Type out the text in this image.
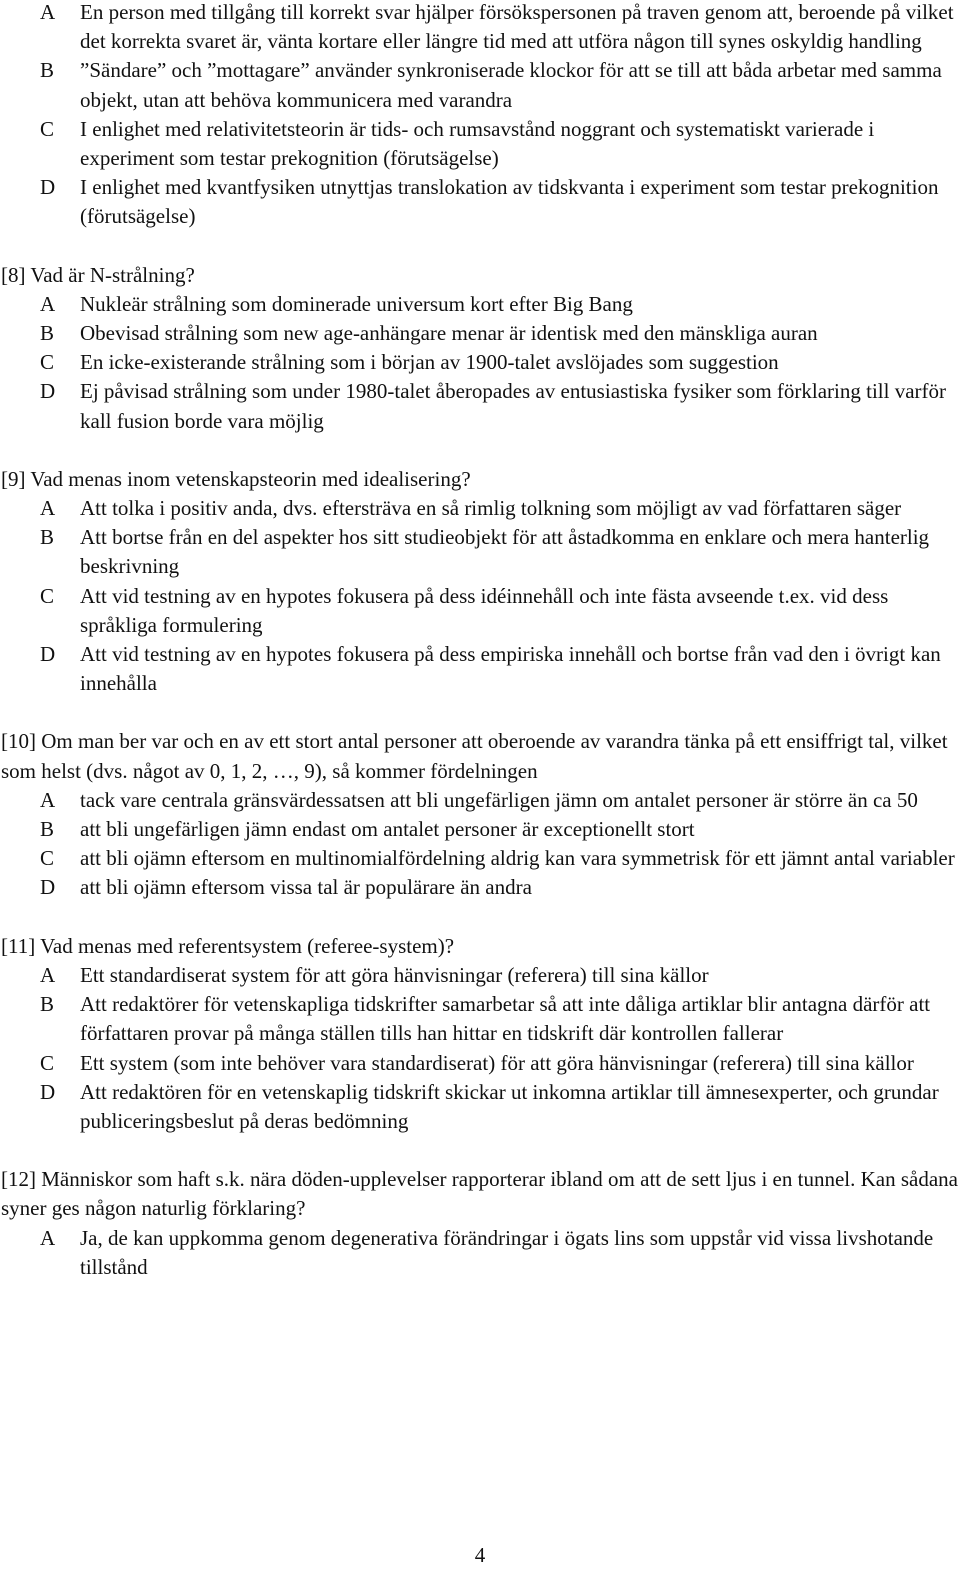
A	En person med tillgång till korrekt svar hjälper försökspersonen på traven genom att, beroende på vilket det korrekta svaret är, vänta kortare eller längre tid med att utföra någon till synes oskyldig handling
B	”Sändare” och ”mottagare” använder synkroniserade klockor för att se till att båda arbetar med samma objekt, utan att behöva kommunicera med varandra
C	I enlighet med relativitetsteorin är tids- och rumsavstånd noggrant och systematiskt varierade i experiment som testar prekognition (förutsägelse)
D	I enlighet med kvantfysiken utnyttjas translokation av tidskvanta i experiment som testar prekognition (förutsägelse)

[8] Vad är N-strålning?

A	Nukleär strålning som dominerade universum kort efter Big Bang
B	Obevisad strålning som new age-anhängare menar är identisk med den mänskliga auran
C	En icke-existerande strålning som i början av 1900-talet avslöjades som suggestion
D	Ej påvisad strålning som under 1980-talet åberopades av entusiastiska fysiker som förklaring till varför kall fusion borde vara möjlig

[9] Vad menas inom vetenskapsteorin med idealisering?

A	Att tolka i positiv anda, dvs. eftersträva en så rimlig tolkning som möjligt av vad författaren säger
B	Att bortse från en del aspekter hos sitt studieobjekt för att åstadkomma en enklare och mera hanterlig beskrivning
C	Att vid testning av en hypotes fokusera på dess idéinnehåll och inte fästa avseende t.ex. vid dess språkliga formulering
D	Att vid testning av en hypotes fokusera på dess empiriska innehåll och bortse från vad den i övrigt kan innehålla

[10] Om man ber var och en av ett stort antal personer att oberoende av varandra tänka på ett ensiffrigt tal, vilket som helst (dvs. något av 0, 1, 2, …, 9), så kommer fördelningen

A	tack vare centrala gränsvärdessatsen att bli ungefärligen jämn om antalet personer är större än ca 50
B	att bli ungefärligen jämn endast om antalet personer är exceptionellt stort
C	att bli ojämn eftersom en multinomialfördelning aldrig kan vara symmetrisk för ett jämnt antal variabler
D	att bli ojämn eftersom vissa tal är populärare än andra

[11] Vad menas med referentsystem (referee-system)?

A	Ett standardiserat system för att göra hänvisningar (referera) till sina källor
B	Att redaktörer för vetenskapliga tidskrifter samarbetar så att inte dåliga artiklar blir antagna därför att författaren provar på många ställen tills han hittar en tidskrift där kontrollen fallerar
C	Ett system (som inte behöver vara standardiserat) för att göra hänvisningar (referera) till sina källor
D	Att redaktören för en vetenskaplig tidskrift skickar ut inkomna artiklar till ämnesexperter, och grundar publiceringsbeslut på deras bedömning

[12] Människor som haft s.k. nära döden-upplevelser rapporterar ibland om att de sett ljus i en tunnel. Kan sådana syner ges någon naturlig förklaring?

A	Ja, de kan uppkomma genom degenerativa förändringar i ögats lins som uppstår vid vissa livshotande tillstånd
4
